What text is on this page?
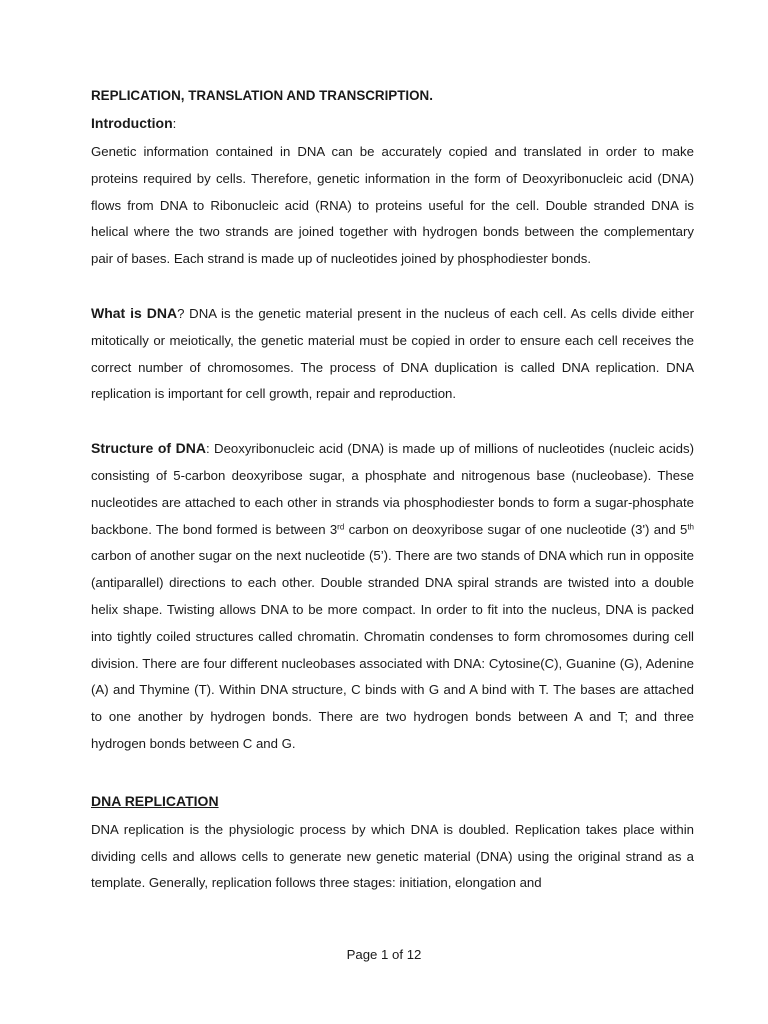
REPLICATION, TRANSLATION AND TRANSCRIPTION.

Introduction:

Genetic information contained in DNA can be accurately copied and translated in order to make proteins required by cells. Therefore, genetic information in the form of Deoxyribonucleic acid (DNA) flows from DNA to Ribonucleic acid (RNA) to proteins useful for the cell. Double stranded DNA is helical where the two strands are joined together with hydrogen bonds between the complementary pair of bases. Each strand is made up of nucleotides joined by phosphodiester bonds.

What is DNA? DNA is the genetic material present in the nucleus of each cell. As cells divide either mitotically or meiotically, the genetic material must be copied in order to ensure each cell receives the correct number of chromosomes. The process of DNA duplication is called DNA replication. DNA replication is important for cell growth, repair and reproduction.

Structure of DNA: Deoxyribonucleic acid (DNA) is made up of millions of nucleotides (nucleic acids) consisting of 5-carbon deoxyribose sugar, a phosphate and nitrogenous base (nucleobase). These nucleotides are attached to each other in strands via phosphodiester bonds to form a sugar-phosphate backbone. The bond formed is between 3rd carbon on deoxyribose sugar of one nucleotide (3') and 5th carbon of another sugar on the next nucleotide (5’). There are two stands of DNA which run in opposite (antiparallel) directions to each other. Double stranded DNA spiral strands are twisted into a double helix shape. Twisting allows DNA to be more compact. In order to fit into the nucleus, DNA is packed into tightly coiled structures called chromatin. Chromatin condenses to form chromosomes during cell division. There are four different nucleobases associated with DNA: Cytosine(C), Guanine (G), Adenine (A) and Thymine (T). Within DNA structure, C binds with G and A bind with T. The bases are attached to one another by hydrogen bonds. There are two hydrogen bonds between A and T; and three hydrogen bonds between C and G.

DNA REPLICATION

DNA replication is the physiologic process by which DNA is doubled. Replication takes place within dividing cells and allows cells to generate new genetic material (DNA) using the original strand as a template. Generally, replication follows three stages: initiation, elongation and

Page 1 of 12
